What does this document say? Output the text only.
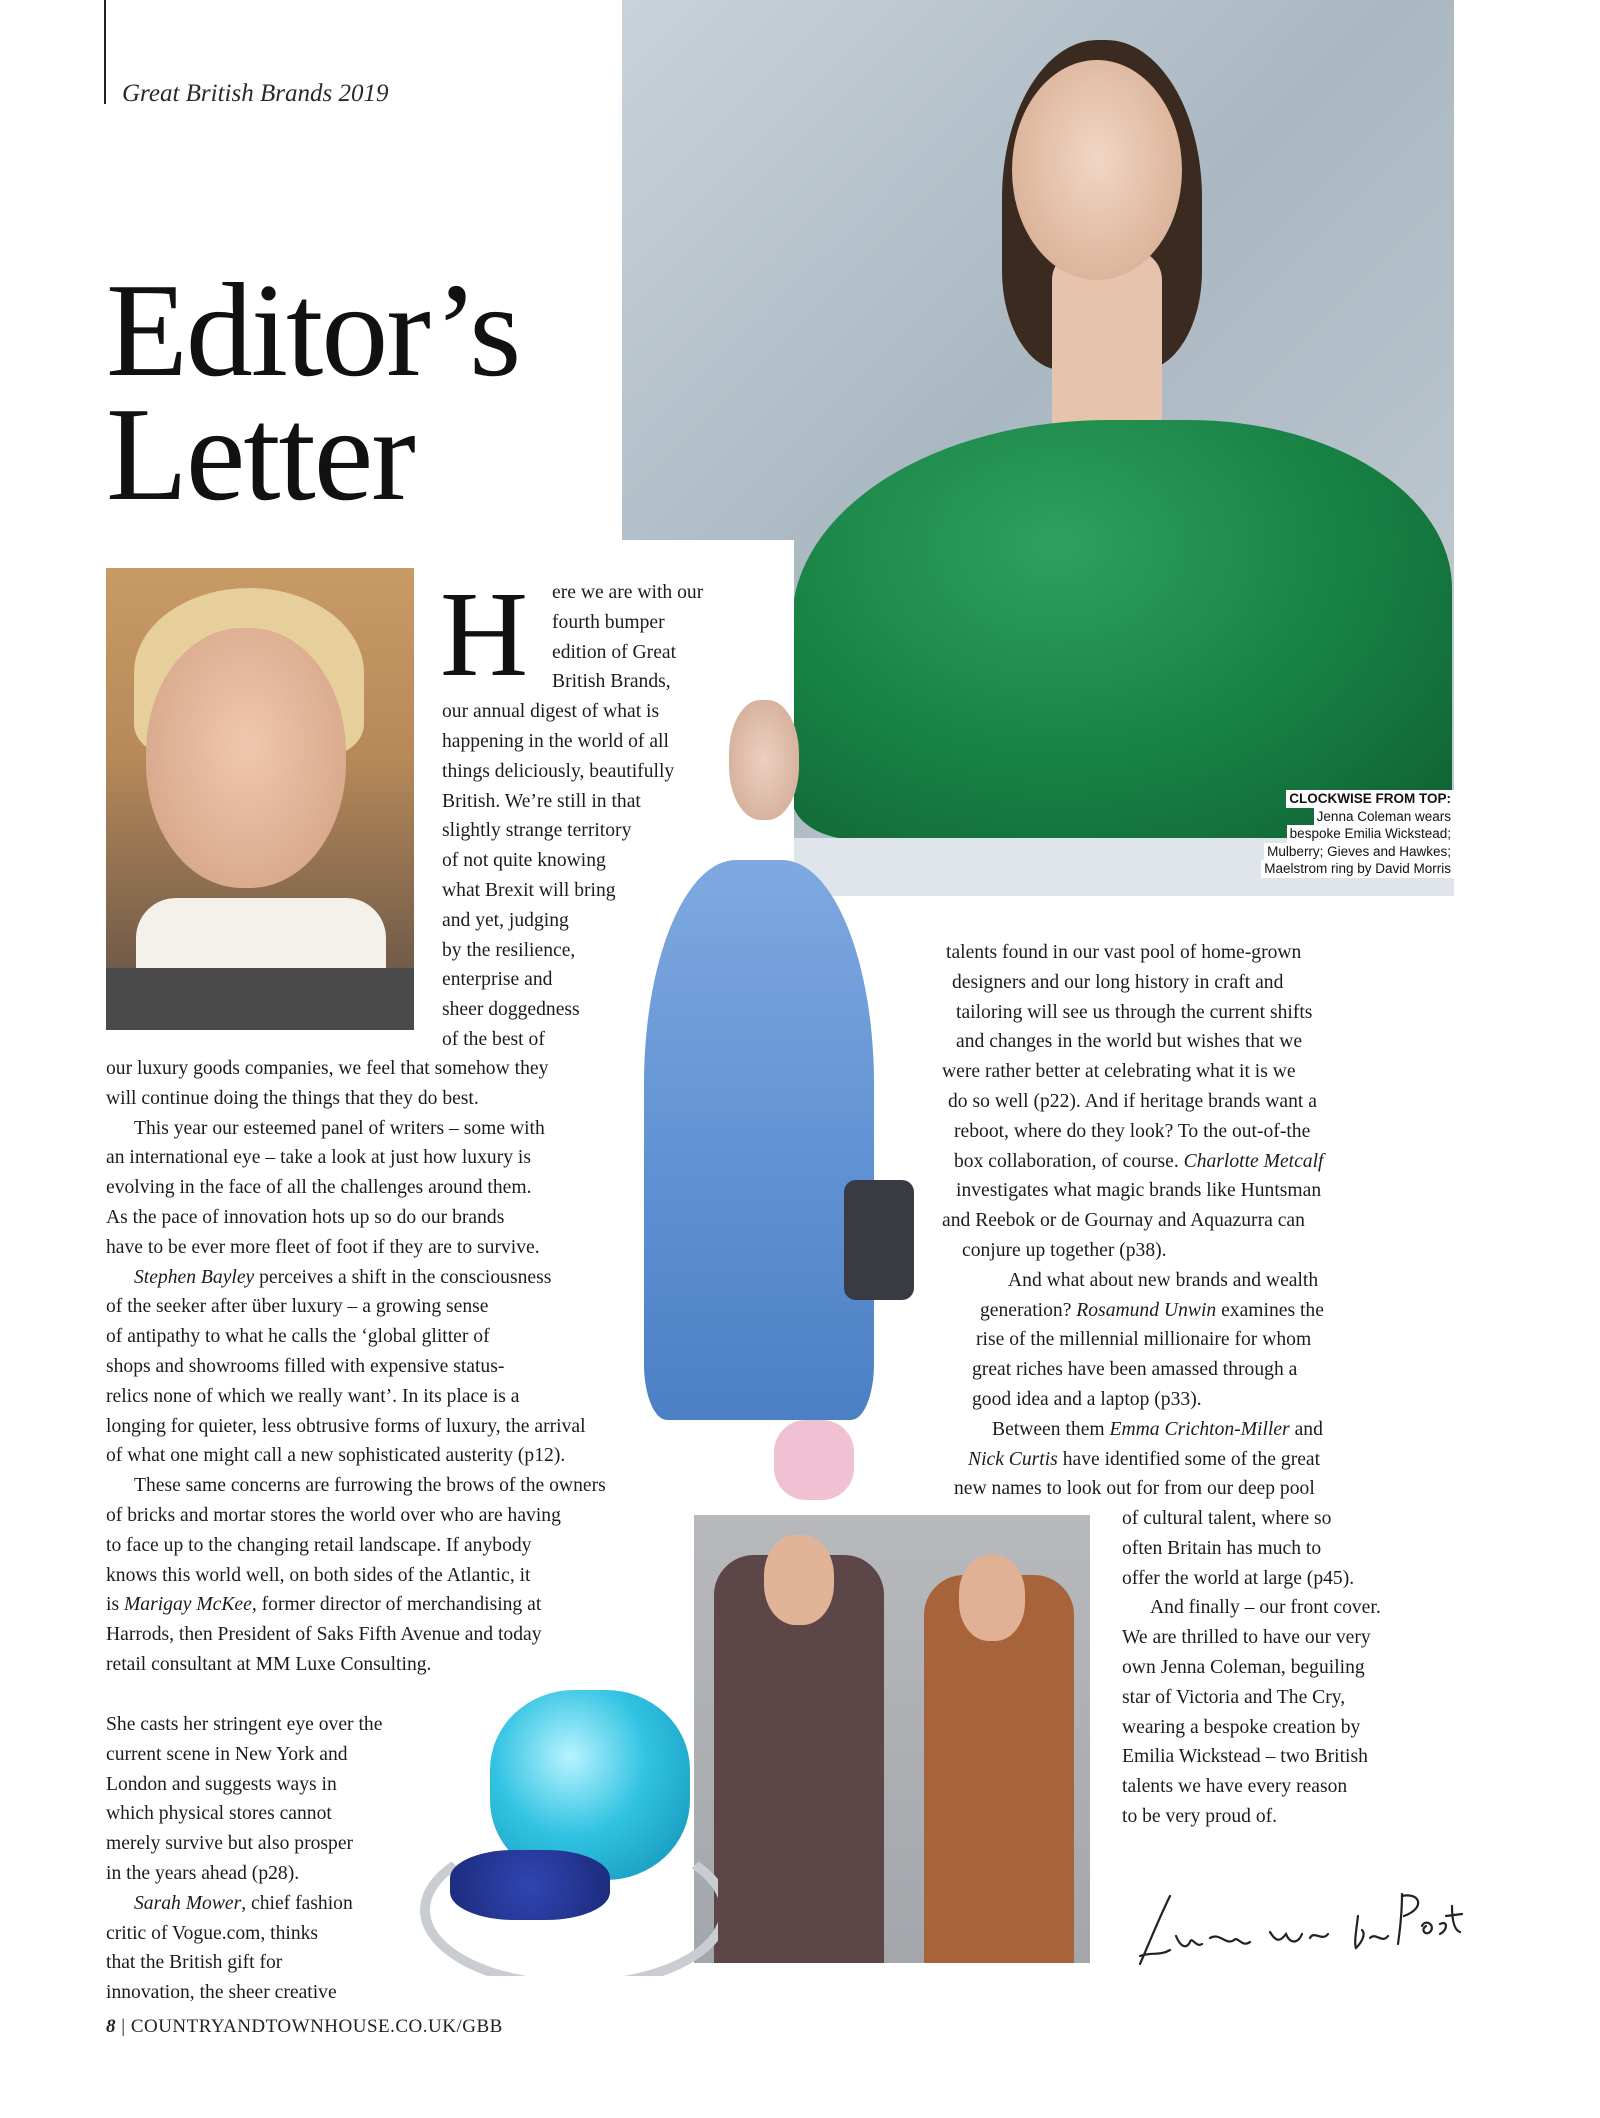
Great British Brands 2019
CLOCKWISE FROM TOP:
Jenna Coleman wears
bespoke Emilia Wickstead;
Mulberry; Gieves and Hawkes;
Maelstrom ring by David Morris
Editor’s
Letter
H	ere we are with our
fourth bumper
edition of Great
British Brands,
our annual digest of what is
happening in the world of all
things deliciously, beautifully
British. We’re still in that
slightly strange territory
of not quite knowing
what Brexit will bring
and yet, judging
by the resilience,
enterprise and
sheer doggedness
of the best of
our luxury goods companies, we feel that somehow they
will continue doing the things that they do best.
This year our esteemed panel of writers – some with
an international eye – take a look at just how luxury is
evolving in the face of all the challenges around them.
As the pace of innovation hots up so do our brands
have to be ever more fleet of foot if they are to survive.
Stephen Bayley perceives a shift in the consciousness
of the seeker after über luxury – a growing sense
of antipathy to what he calls the ‘global glitter of
shops and showrooms filled with expensive status-
relics none of which we really want’. In its place is a
longing for quieter, less obtrusive forms of luxury, the arrival
of what one might call a new sophisticated austerity (p12).
These same concerns are furrowing the brows of the owners
of bricks and mortar stores the world over who are having
to face up to the changing retail landscape. If anybody
knows this world well, on both sides of the Atlantic, it
is Marigay McKee, former director of merchandising at
Harrods, then President of Saks Fifth Avenue and today
retail consultant at MM Luxe Consulting.
She casts her stringent eye over the
current scene in New York and
London and suggests ways in
which physical stores cannot
merely survive but also prosper
in the years ahead (p28).
Sarah Mower, chief fashion
critic of Vogue.com, thinks
that the British gift for
innovation, the sheer creative
talents found in our vast pool of home-grown
designers and our long history in craft and
tailoring will see us through the current shifts
and changes in the world but wishes that we
were rather better at celebrating what it is we
do so well (p22). And if heritage brands want a
reboot, where do they look? To the out-of-the
box collaboration, of course. Charlotte Metcalf
investigates what magic brands like Huntsman
and Reebok or de Gournay and Aquazurra can
conjure up together (p38).
And what about new brands and wealth
generation? Rosamund Unwin examines the
rise of the millennial millionaire for whom
great riches have been amassed through a
good idea and a laptop (p33).
Between them Emma Crichton-Miller and
Nick Curtis have identified some of the great
new names to look out for from our deep pool
of cultural talent, where so
often Britain has much to
offer the world at large (p45).
And finally – our front cover.
We are thrilled to have our very
own Jenna Coleman, beguiling
star of Victoria and The Cry,
wearing a bespoke creation by
Emilia Wickstead – two British
talents we have every reason
to be very proud of.
8 | COUNTRYANDTOWNHOUSE.CO.UK/GBB
